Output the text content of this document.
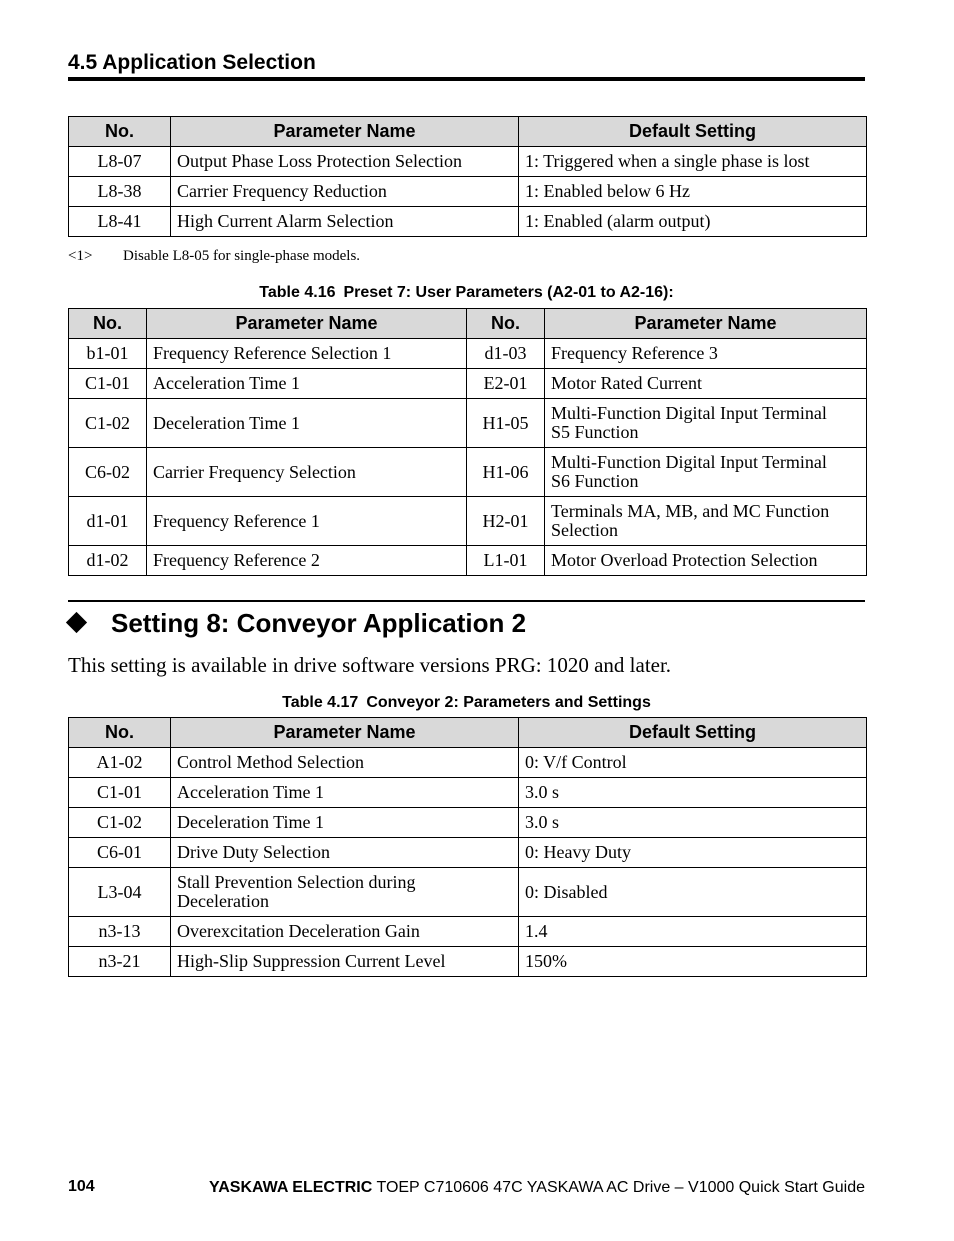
4.5 Application Selection
No.	Parameter Name	Default Setting
L8-07	Output Phase Loss Protection Selection	1: Triggered when a single phase is lost
L8-38	Carrier Frequency Reduction	1: Enabled below 6 Hz
L8-41	High Current Alarm Selection	1: Enabled (alarm output)
<1> Disable L8-05 for single-phase models.
Table 4.16 Preset 7: User Parameters (A2-01 to A2-16):
No.	Parameter Name	No.	Parameter Name
b1-01	Frequency Reference Selection 1	d1-03	Frequency Reference 3
C1-01	Acceleration Time 1	E2-01	Motor Rated Current
C1-02	Deceleration Time 1	H1-05	Multi-Function Digital Input Terminal
S5 Function
C6-02	Carrier Frequency Selection	H1-06	Multi-Function Digital Input Terminal
S6 Function
d1-01	Frequency Reference 1	H2-01	Terminals MA, MB, and MC Function
Selection
d1-02	Frequency Reference 2	L1-01	Motor Overload Protection Selection
Setting 8: Conveyor Application 2
This setting is available in drive software versions PRG: 1020 and later.
Table 4.17 Conveyor 2: Parameters and Settings
No.	Parameter Name	Default Setting
A1-02	Control Method Selection	0: V/f Control
C1-01	Acceleration Time 1	3.0 s
C1-02	Deceleration Time 1	3.0 s
C6-01	Drive Duty Selection	0: Heavy Duty
L3-04	Stall Prevention Selection during
Deceleration	0: Disabled
n3-13	Overexcitation Deceleration Gain	1.4
n3-21	High-Slip Suppression Current Level	150%
104	YASKAWA ELECTRIC TOEP C710606 47C YASKAWA AC Drive – V1000 Quick Start Guide
